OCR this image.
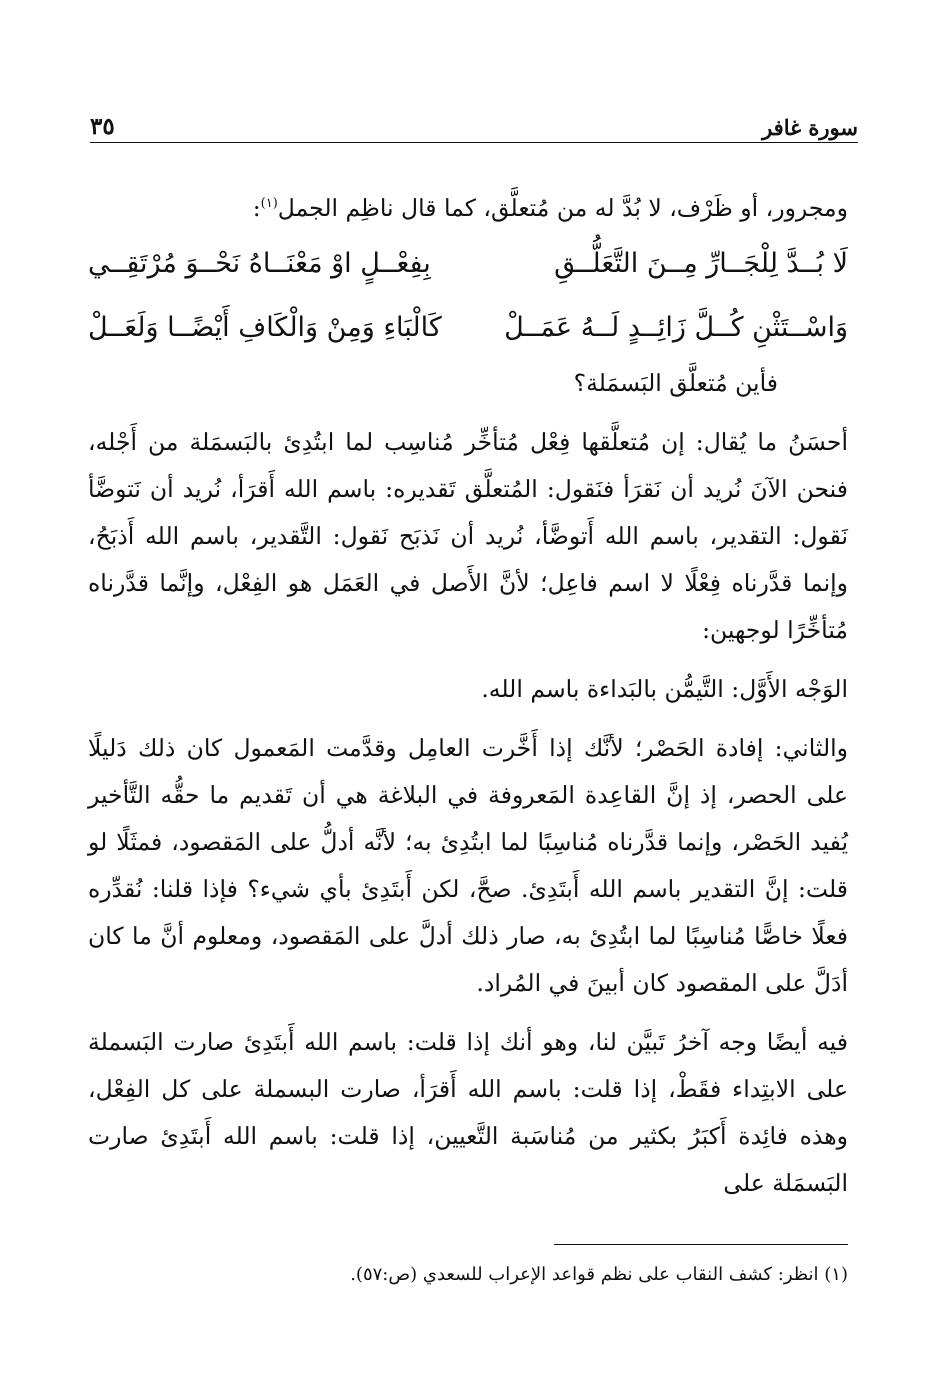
سورة غافر
٣٥

ومجرور، أو ظَرْف، لا بُدَّ له من مُتعلَّق، كما قال ناظِم الجمل$^{(١)}$:

لَا بُــدَّ لِلْجَــارِّ مِــنَ التَّعَلُّــقِ
بِفِعْــلٍ اوْ مَعْنَــاهُ نَحْــوَ مُرْتَقِــي
وَاسْــتَثْنِ كُــلَّ زَائِــدٍ لَــهُ عَمَــلْ
كَالْبَاءِ وَمِنْ وَالْكَافِ أَيْضًــا وَلَعَــلْ

فأين مُتعلَّق البَسمَلة؟

أحسَنُ ما يُقال: إن مُتعلَّقها فِعْل مُتأخِّر مُناسِب لما ابتُدِئ بالبَسمَلة من أَجْله، فنحن الآنَ نُريد أن نَقرَأ فنَقول: المُتعلَّق تَقديره: باسم الله أَقرَأ، نُريد أن نَتوضَّأ نَقول: التقدير، باسم الله أَتوضَّأ، نُريد أن نَذبَح نَقول: التَّقدير، باسم الله أَذبَحُ، وإنما قدَّرناه فِعْلًا لا اسم فاعِل؛ لأنَّ الأَصل في العَمَل هو الفِعْل، وإنَّما قدَّرناه مُتأخِّرًا لوجهين:

الوَجْه الأَوَّل: التَّيمُّن بالبَداءة باسم الله.

والثاني: إفادة الحَصْر؛ لأنَّك إذا أَخَّرت العامِل وقدَّمت المَعمول كان ذلك دَليلًا على الحصر، إذ إنَّ القاعِدة المَعروفة في البلاغة هي أن تَقديم ما حقُّه التَّأخير يُفيد الحَصْر، وإنما قدَّرناه مُناسِبًا لما ابتُدِئ به؛ لأنَّه أدلُّ على المَقصود، فمثَلًا لو قلت: إنَّ التقدير باسم الله أَبتَدِئ. صحَّ، لكن أَبتَدِئ بأي شيء؟ فإذا قلنا: نُقدِّره فعلًا خاصًّا مُناسِبًا لما ابتُدِئ به، صار ذلك أدلَّ على المَقصود، ومعلوم أنَّ ما كان أدَلَّ على المقصود كان أبينَ في المُراد.

فيه أيضًا وجه آخرُ تَبيَّن لنا، وهو أنك إذا قلت: باسم الله أَبتَدِئ صارت البَسملة على الابتِداء فقَطْ، إذا قلت: باسم الله أَقرَأ، صارت البسملة على كل الفِعْل، وهذه فائِدة أَكبَرُ بكثير من مُناسَبة التَّعيين، إذا قلت: باسم الله أَبتَدِئ صارت البَسمَلة على

(١) انظر: كشف النقاب على نظم قواعد الإعراب للسعدي (ص:٥٧).
